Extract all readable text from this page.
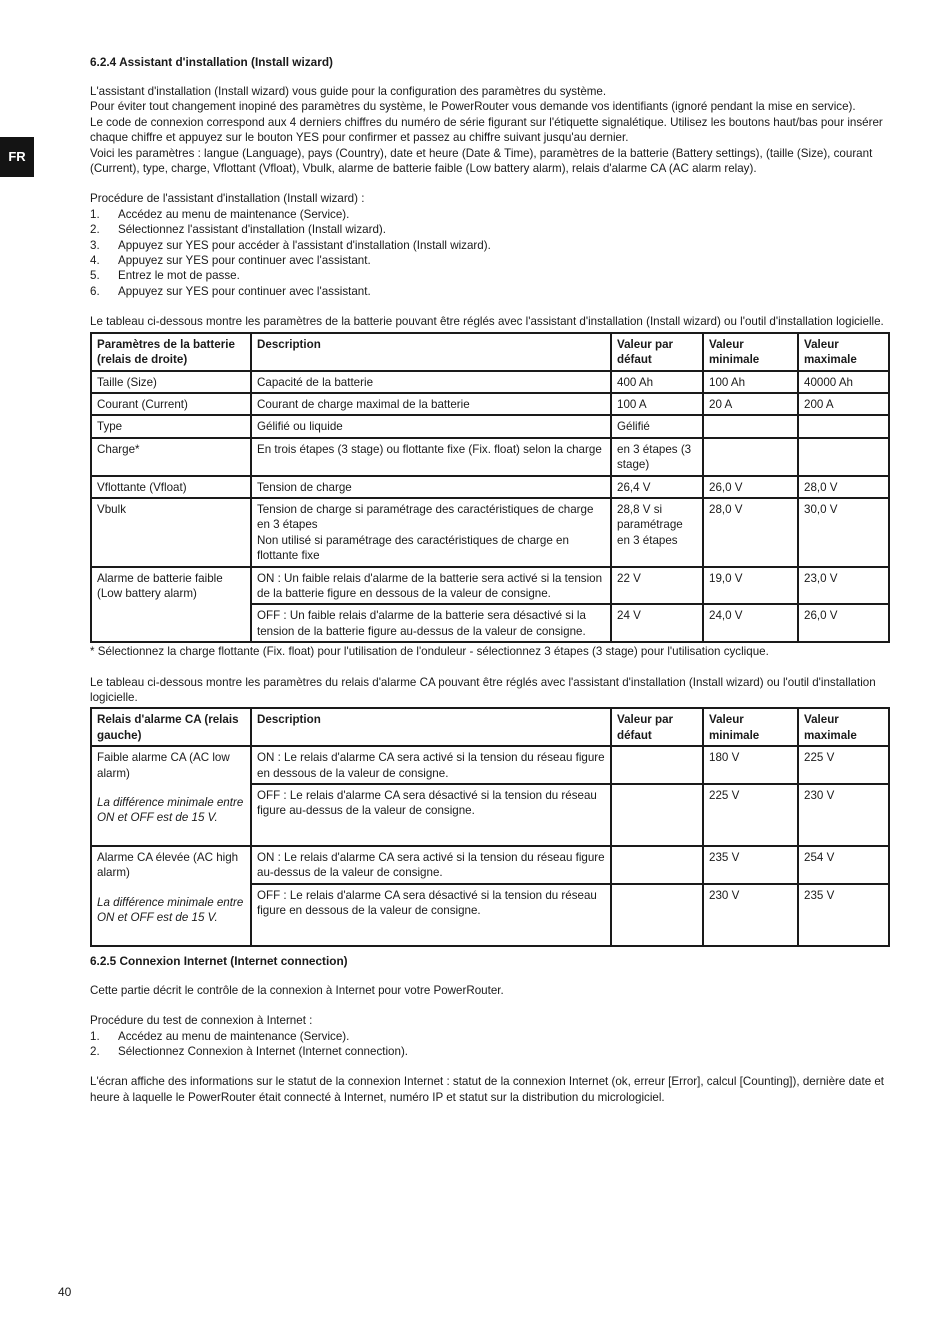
FR
6.2.4 Assistant d'installation (Install wizard)

L'assistant d'installation (Install wizard) vous guide pour la configuration des paramètres du système.

Pour éviter tout changement inopiné des paramètres du système, le PowerRouter vous demande vos identifiants (ignoré pendant la mise en service).

Le code de connexion correspond aux 4 derniers chiffres du numéro de série figurant sur l'étiquette signalétique. Utilisez les boutons haut/bas pour insérer chaque chiffre et appuyez sur le bouton YES pour confirmer et passez au chiffre suivant jusqu'au dernier.

Voici les paramètres : langue (Language), pays (Country), date et heure (Date & Time), paramètres de la batterie (Battery settings), (taille (Size), courant (Current), type, charge, Vflottant (Vfloat), Vbulk, alarme de batterie faible (Low battery alarm), relais d'alarme CA (AC alarm relay).

Procédure de l'assistant d'installation (Install wizard) :

1.	Accédez au menu de maintenance (Service).
2.	Sélectionnez l'assistant d'installation (Install wizard).
3.	Appuyez sur YES pour accéder à l'assistant d'installation (Install wizard).
4.	Appuyez sur YES pour continuer avec l'assistant.
5.	Entrez le mot de passe.
6.	Appuyez sur YES pour continuer avec l'assistant.

Le tableau ci-dessous montre les paramètres de la batterie pouvant être réglés avec l'assistant d'installation (Install wizard) ou l'outil d'installation logicielle.

Paramètres de la batterie (relais de droite)	Description	Valeur par défaut	Valeur minimale	Valeur maximale
Taille (Size)	Capacité de la batterie	400 Ah	100 Ah	40000 Ah
Courant (Current)	Courant de charge maximal de la batterie	100 A	20 A	200 A
Type	Gélifié ou liquide	Gélifié		
Charge*	En trois étapes (3 stage) ou flottante fixe (Fix. float) selon la charge	en 3 étapes (3 stage)		
Vflottante (Vfloat)	Tension de charge	26,4 V	26,0 V	28,0 V
Vbulk	Tension de charge si paramétrage des caractéristiques de charge en 3 étapes
Non utilisé si paramétrage des caractéristiques de charge en flottante fixe	28,8 V si paramétrage en 3 étapes	28,0 V	30,0 V
Alarme de batterie faible (Low battery alarm)	ON : Un faible relais d'alarme de la batterie sera activé si la tension de la batterie figure en dessous de la valeur de consigne.	22 V	19,0 V	23,0 V
	OFF : Un faible relais d'alarme de la batterie sera désactivé si la tension de la batterie figure au-dessus de la valeur de consigne.	24 V	24,0 V	26,0 V

* Sélectionnez la charge flottante (Fix. float) pour l'utilisation de l'onduleur - sélectionnez 3 étapes (3 stage) pour l'utilisation cyclique.

Le tableau ci-dessous montre les paramètres du relais d'alarme CA pouvant être réglés avec l'assistant d'installation (Install wizard) ou l'outil d'installation logicielle.

Relais d'alarme CA (relais gauche)	Description	Valeur par défaut	Valeur minimale	Valeur maximale

Faible alarme CA (AC low alarm)
La différence minimale entre ON et OFF est de 15 V.	ON : Le relais d'alarme CA sera activé si la tension du réseau figure en dessous de la valeur de consigne.		180 V	225 V
	OFF : Le relais d'alarme CA sera désactivé si la tension du réseau figure au-dessus de la valeur de consigne.		225 V	230 V

Alarme CA élevée (AC high alarm)
La différence minimale entre ON et OFF est de 15 V.	ON : Le relais d'alarme CA sera activé si la tension du réseau figure au-dessus de la valeur de consigne.		235 V	254 V
	OFF : Le relais d'alarme CA sera désactivé si la tension du réseau figure en dessous de la valeur de consigne.		230 V	235 V
6.2.5 Connexion Internet (Internet connection)

Cette partie décrit le contrôle de la connexion à Internet pour votre PowerRouter.

Procédure du test de connexion à Internet :

1.	Accédez au menu de maintenance (Service).
2.	Sélectionnez Connexion à Internet (Internet connection).

L'écran affiche des informations sur le statut de la connexion Internet : statut de la connexion Internet (ok, erreur [Error], calcul [Counting]), dernière date et heure à laquelle le PowerRouter était connecté à Internet, numéro IP et statut sur la distribution du micrologiciel.

40
